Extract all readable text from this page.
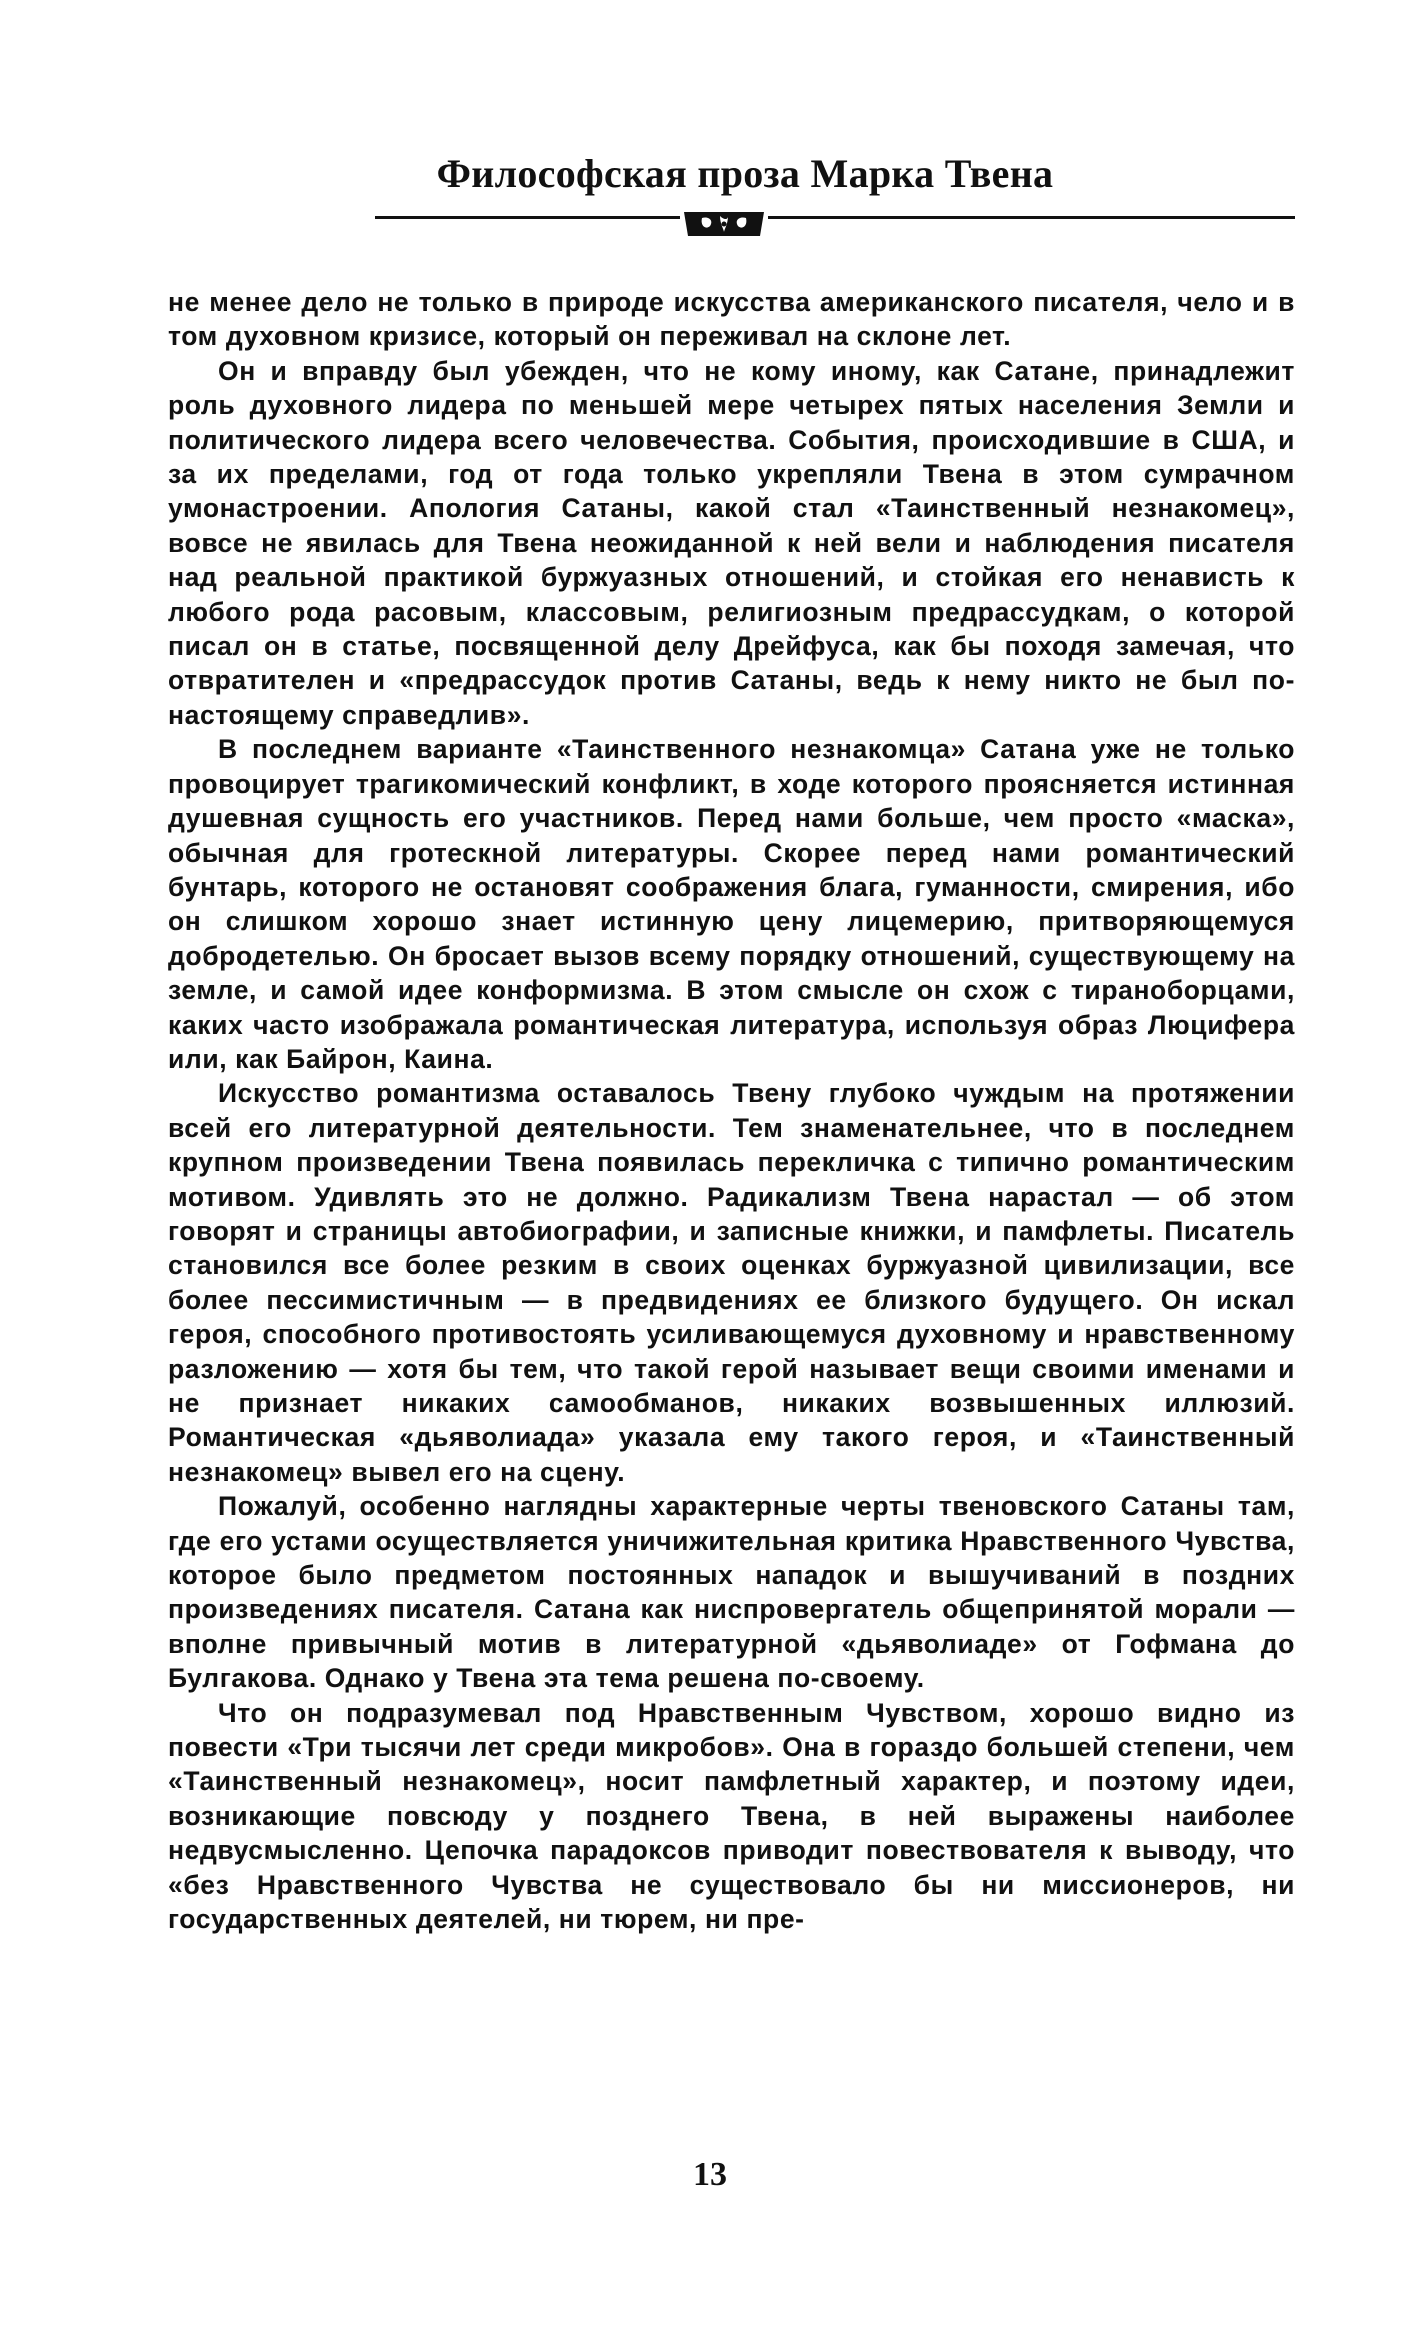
Философская проза Марка Твена

не менее дело не только в природе искусства американского писателя, чело и в том духовном кризисе, который он переживал на склоне лет.

Он и вправду был убежден, что не кому иному, как Сатане, принадлежит роль духовного лидера по меньшей мере четырех пятых населения Земли и политического лидера всего человечества. События, происходившие в США, и за их пределами, год от года только укрепляли Твена в этом сумрачном умонастроении. Апология Сатаны, какой стал «Таинственный незнакомец», вовсе не явилась для Твена неожиданной к ней вели и наблюдения писателя над реальной практикой буржуазных отношений, и стойкая его ненависть к любого рода расовым, классовым, религиозным предрассудкам, о которой писал он в статье, посвященной делу Дрейфуса, как бы походя замечая, что отвратителен и «предрассудок против Сатаны, ведь к нему никто не был по-настоящему справедлив».

В последнем варианте «Таинственного незнакомца» Сатана уже не только провоцирует трагикомический конфликт, в ходе которого проясняется истинная душевная сущность его участников. Перед нами больше, чем просто «маска», обычная для гротескной литературы. Скорее перед нами романтический бунтарь, которого не остановят соображения блага, гуманности, смирения, ибо он слишком хорошо знает истинную цену лицемерию, притворяющемуся добродетелью. Он бросает вызов всему порядку отношений, существующему на земле, и самой идее конформизма. В этом смысле он схож с тираноборцами, каких часто изображала романтическая литература, используя образ Люцифера или, как Байрон, Каина.

Искусство романтизма оставалось Твену глубоко чуждым на протяжении всей его литературной деятельности. Тем знаменательнее, что в последнем крупном произведении Твена появилась перекличка с типично романтическим мотивом. Удивлять это не должно. Радикализм Твена нарастал — об этом говорят и страницы автобиографии, и записные книжки, и памфлеты. Писатель становился все более резким в своих оценках буржуазной цивилизации, все более пессимистичным — в предвидениях ее близкого будущего. Он искал героя, способного противостоять усиливающемуся духовному и нравственному разложению — хотя бы тем, что такой герой называет вещи своими именами и не признает никаких самообманов, никаких возвышенных иллюзий. Романтическая «дьяволиада» указала ему такого героя, и «Таинственный незнакомец» вывел его на сцену.

Пожалуй, особенно наглядны характерные черты твеновского Сатаны там, где его устами осуществляется уничижительная критика Нравственного Чувства, которое было предметом постоянных нападок и вышучиваний в поздних произведениях писателя. Сатана как ниспровергатель общепринятой морали — вполне привычный мотив в литературной «дьяволиаде» от Гофмана до Булгакова. Однако у Твена эта тема решена по-своему.

Что он подразумевал под Нравственным Чувством, хорошо видно из повести «Три тысячи лет среди микробов». Она в гораздо большей степени, чем «Таинственный незнакомец», носит памфлетный характер, и поэтому идеи, возникающие повсюду у позднего Твена, в ней выражены наиболее недвусмысленно. Цепочка парадоксов приводит повествователя к выводу, что «без Нравственного Чувства не существовало бы ни миссионеров, ни государственных деятелей, ни тюрем, ни пре-

13
